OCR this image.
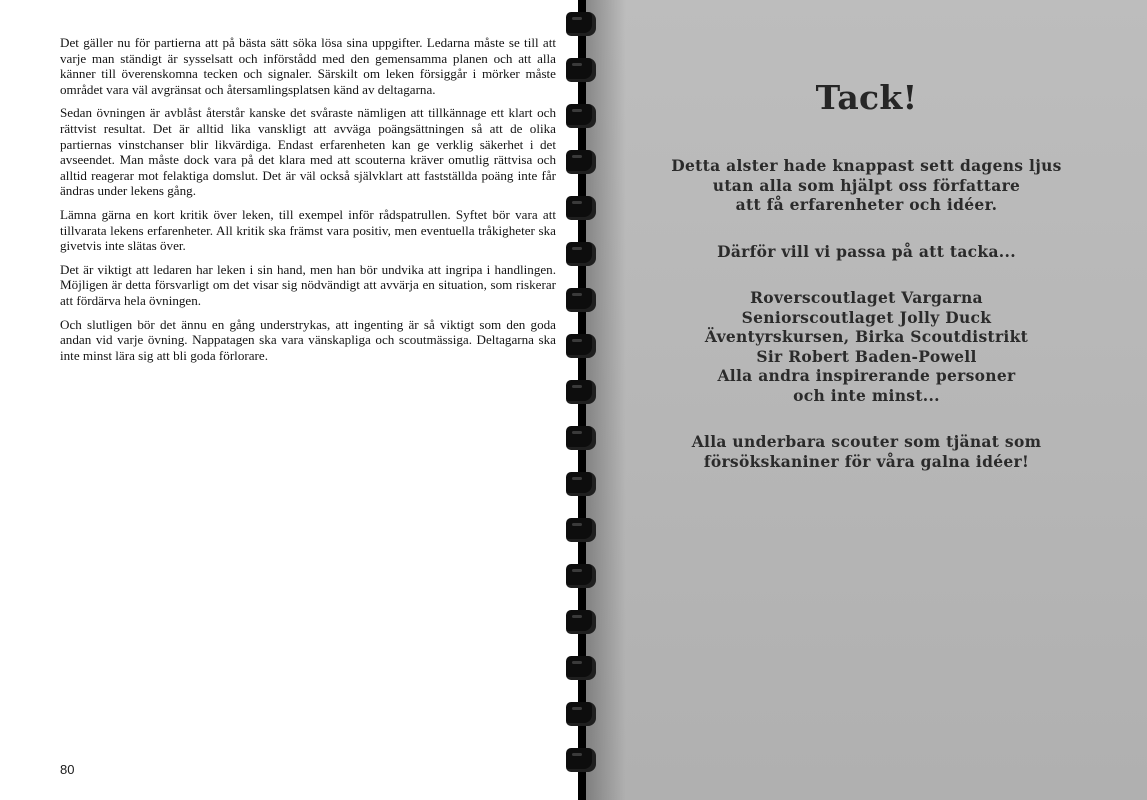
Det gäller nu för partierna att på bästa sätt söka lösa sina uppgifter. Ledarna måste se till att varje man ständigt är sysselsatt och införstådd med den gemensamma planen och att alla känner till överenskomna tecken och signaler. Särskilt om leken försiggår i mörker måste området vara väl avgränsat och återsamlingsplatsen känd av deltagarna.

Sedan övningen är avblåst återstår kanske det svåraste nämligen att tillkännage ett klart och rättvist resultat. Det är alltid lika vanskligt att avväga poängsättningen så att de olika partiernas vinstchanser blir likvärdiga. Endast erfarenheten kan ge verklig säkerhet i det avseendet. Man måste dock vara på det klara med att scouterna kräver omutlig rättvisa och alltid reagerar mot felaktiga domslut. Det är väl också självklart att fastställda poäng inte får ändras under lekens gång.

Lämna gärna en kort kritik över leken, till exempel inför rådspatrullen. Syftet bör vara att tillvarata lekens erfarenheter. All kritik ska främst vara positiv, men eventuella tråkigheter ska givetvis inte slätas över.

Det är viktigt att ledaren har leken i sin hand, men han bör undvika att ingripa i handlingen. Möjligen är detta försvarligt om det visar sig nödvändigt att avvärja en situation, som riskerar att fördärva hela övningen.

Och slutligen bör det ännu en gång understrykas, att ingenting är så viktigt som den goda andan vid varje övning. Nappatagen ska vara vänskapliga och scoutmässiga. Deltagarna ska inte minst lära sig att bli goda förlorare.

80
Tack!
Detta alster hade knappast sett dagens ljus
utan alla som hjälpt oss författare
att få erfarenheter och idéer.
Därför vill vi passa på att tacka...
Roverscoutlaget Vargarna
Seniorscoutlaget Jolly Duck
Äventyrskursen, Birka Scoutdistrikt
Sir Robert Baden-Powell
Alla andra inspirerande personer
och inte minst...
Alla underbara scouter som tjänat som
försökskaniner för våra galna idéer!
